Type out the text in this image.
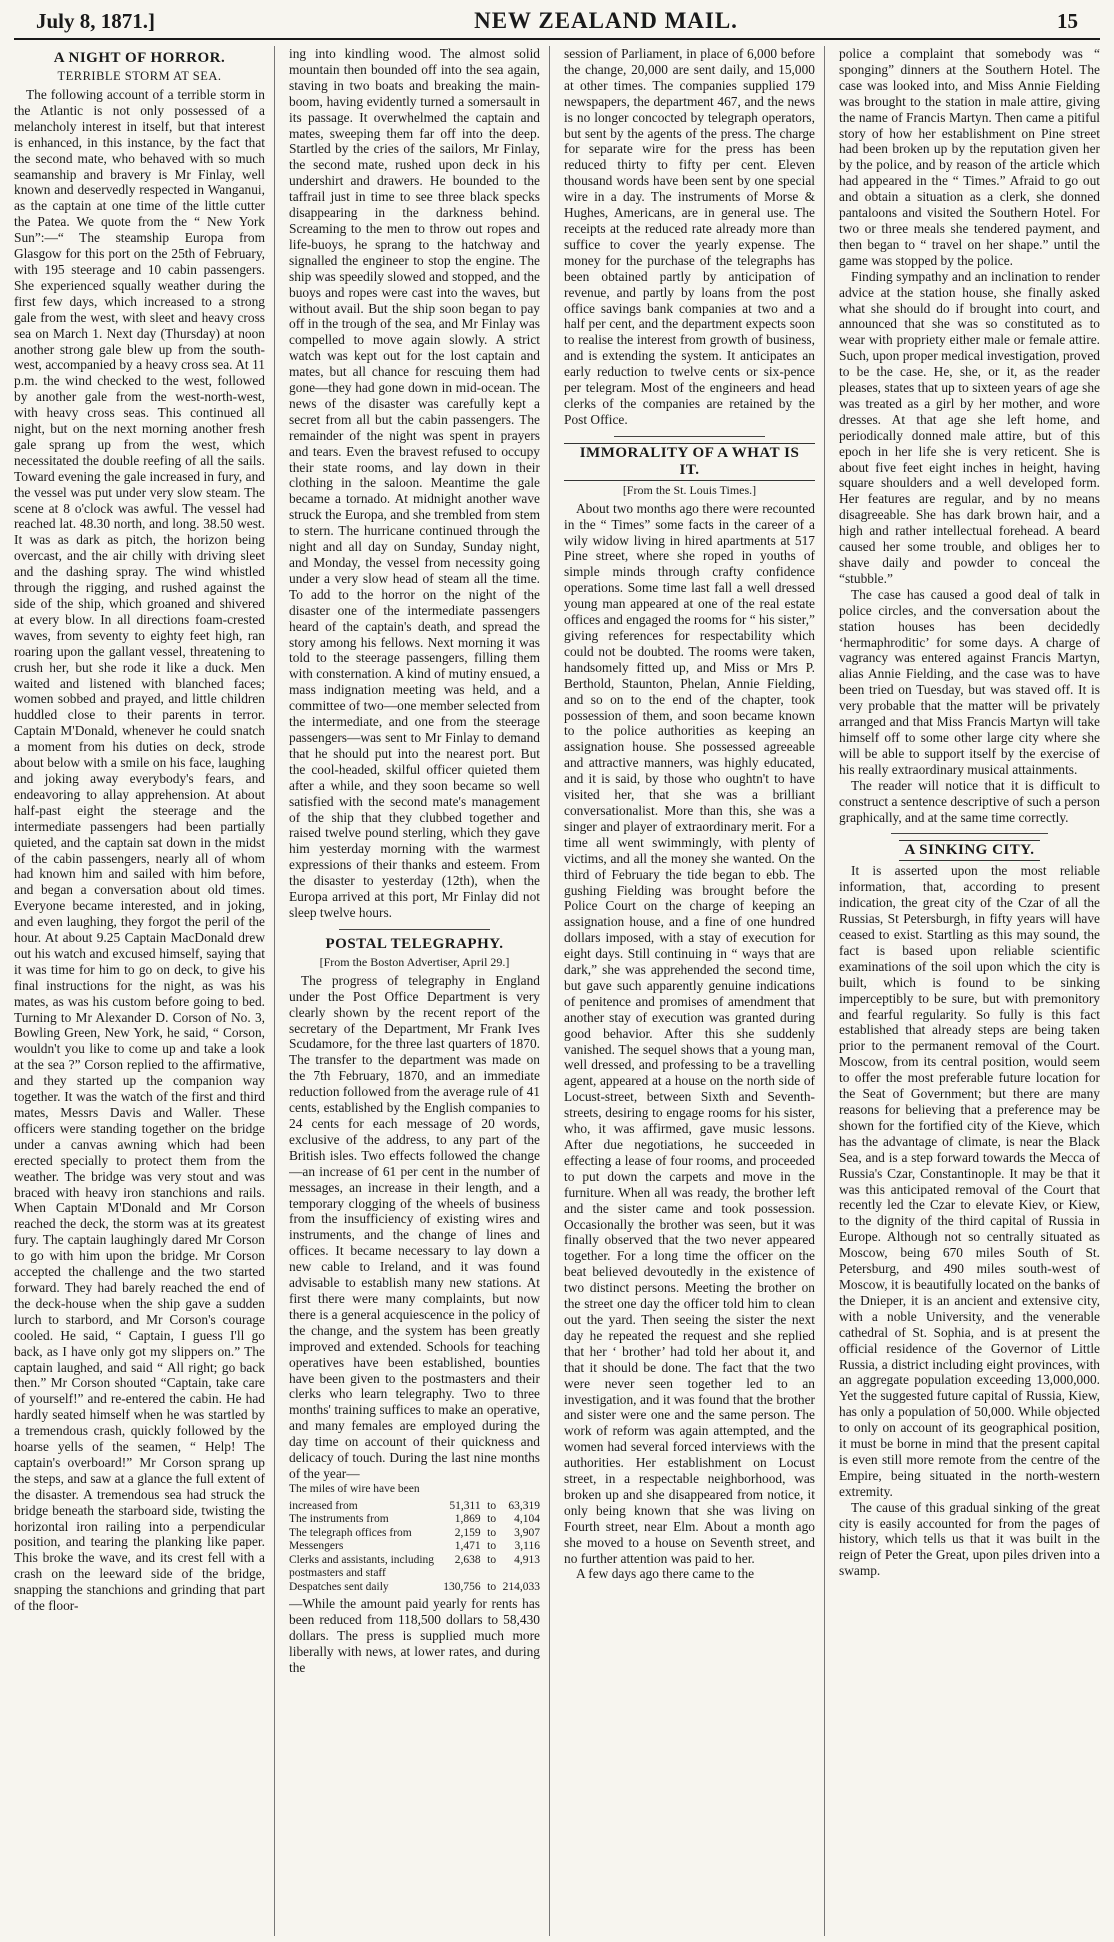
July 8, 1871.]	NEW ZEALAND MAIL.	15
A NIGHT OF HORROR.
TERRIBLE STORM AT SEA.

The following account of a terrible storm in the Atlantic is not only possessed of a melancholy interest in itself, but that interest is enhanced, in this instance, by the fact that the second mate, who behaved with so much seamanship and bravery is Mr Finlay, well known and deservedly respected in Wanganui, as the captain at one time of the little cutter the Patea. We quote from the “ New York Sun”:—“ The steamship Europa from Glasgow for this port on the 25th of February, with 195 steerage and 10 cabin passengers. She experienced squally weather during the first few days, which increased to a strong gale from the west, with sleet and heavy cross sea on March 1. Next day (Thursday) at noon another strong gale blew up from the south-west, accompanied by a heavy cross sea. At 11 p.m. the wind checked to the west, followed by another gale from the west-north-west, with heavy cross seas. This continued all night, but on the next morning another fresh gale sprang up from the west, which necessitated the double reefing of all the sails. Toward evening the gale increased in fury, and the vessel was put under very slow steam. The scene at 8 o'clock was awful. The vessel had reached lat. 48.30 north, and long. 38.50 west. It was as dark as pitch, the horizon being overcast, and the air chilly with driving sleet and the dashing spray. The wind whistled through the rigging, and rushed against the side of the ship, which groaned and shivered at every blow. In all directions foam-crested waves, from seventy to eighty feet high, ran roaring upon the gallant vessel, threatening to crush her, but she rode it like a duck. Men waited and listened with blanched faces; women sobbed and prayed, and little children huddled close to their parents in terror. Captain M'Donald, whenever he could snatch a moment from his duties on deck, strode about below with a smile on his face, laughing and joking away everybody's fears, and endeavoring to allay apprehension. At about half-past eight the steerage and the intermediate passengers had been partially quieted, and the captain sat down in the midst of the cabin passengers, nearly all of whom had known him and sailed with him before, and began a conversation about old times. Everyone became interested, and in joking, and even laughing, they forgot the peril of the hour. At about 9.25 Captain MacDonald drew out his watch and excused himself, saying that it was time for him to go on deck, to give his final instructions for the night, as was his mates, as was his custom before going to bed. Turning to Mr Alexander D. Corson of No. 3, Bowling Green, New York, he said, “ Corson, wouldn't you like to come up and take a look at the sea ?” Corson replied to the affirmative, and they started up the companion way together. It was the watch of the first and third mates, Messrs Davis and Waller. These officers were standing together on the bridge under a canvas awning which had been erected specially to protect them from the weather. The bridge was very stout and was braced with heavy iron stanchions and rails. When Captain M'Donald and Mr Corson reached the deck, the storm was at its greatest fury. The captain laughingly dared Mr Corson to go with him upon the bridge. Mr Corson accepted the challenge and the two started forward. They had barely reached the end of the deck-house when the ship gave a sudden lurch to starbord, and Mr Corson's courage cooled. He said, “ Captain, I guess I'll go back, as I have only got my slippers on.” The captain laughed, and said “ All right; go back then.” Mr Corson shouted “Captain, take care of yourself!” and re-entered the cabin. He had hardly seated himself when he was startled by a tremendous crash, quickly followed by the hoarse yells of the seamen, “ Help! The captain's overboard!” Mr Corson sprang up the steps, and saw at a glance the full extent of the disaster. A tremendous sea had struck the bridge beneath the starboard side, twisting the horizontal iron railing into a perpendicular position, and tearing the planking like paper. This broke the wave, and its crest fell with a crash on the leeward side of the bridge, snapping the stanchions and grinding that part of the floor-

ing into kindling wood. The almost solid mountain then bounded off into the sea again, staving in two boats and breaking the main-boom, having evidently turned a somersault in its passage. It overwhelmed the captain and mates, sweeping them far off into the deep. Startled by the cries of the sailors, Mr Finlay, the second mate, rushed upon deck in his undershirt and drawers. He bounded to the taffrail just in time to see three black specks disappearing in the darkness behind. Screaming to the men to throw out ropes and life-buoys, he sprang to the hatchway and signalled the engineer to stop the engine. The ship was speedily slowed and stopped, and the buoys and ropes were cast into the waves, but without avail. But the ship soon began to pay off in the trough of the sea, and Mr Finlay was compelled to move again slowly. A strict watch was kept out for the lost captain and mates, but all chance for rescuing them had gone—they had gone down in mid-ocean. The news of the disaster was carefully kept a secret from all but the cabin passengers. The remainder of the night was spent in prayers and tears. Even the bravest refused to occupy their state rooms, and lay down in their clothing in the saloon. Meantime the gale became a tornado. At midnight another wave struck the Europa, and she trembled from stem to stern. The hurricane continued through the night and all day on Sunday, Sunday night, and Monday, the vessel from necessity going under a very slow head of steam all the time. To add to the horror on the night of the disaster one of the intermediate passengers heard of the captain's death, and spread the story among his fellows. Next morning it was told to the steerage passengers, filling them with consternation. A kind of mutiny ensued, a mass indignation meeting was held, and a committee of two—one member selected from the intermediate, and one from the steerage passengers—was sent to Mr Finlay to demand that he should put into the nearest port. But the cool-headed, skilful officer quieted them after a while, and they soon became so well satisfied with the second mate's management of the ship that they clubbed together and raised twelve pound sterling, which they gave him yesterday morning with the warmest expressions of their thanks and esteem. From the disaster to yesterday (12th), when the Europa arrived at this port, Mr Finlay did not sleep twelve hours.

POSTAL TELEGRAPHY.
[From the Boston Advertiser, April 29.]

The progress of telegraphy in England under the Post Office Department is very clearly shown by the recent report of the secretary of the Department, Mr Frank Ives Scudamore, for the three last quarters of 1870. The transfer to the department was made on the 7th February, 1870, and an immediate reduction followed from the average rule of 41 cents, established by the English companies to 24 cents for each message of 20 words, exclusive of the address, to any part of the British isles. Two effects followed the change—an increase of 61 per cent in the number of messages, an increase in their length, and a temporary clogging of the wheels of business from the insufficiency of existing wires and instruments, and the change of lines and offices. It became necessary to lay down a new cable to Ireland, and it was found advisable to establish many new stations. At first there were many complaints, but now there is a general acquiescence in the policy of the change, and the system has been greatly improved and extended. Schools for teaching operatives have been established, bounties have been given to the postmasters and their clerks who learn telegraphy. Two to three months' training suffices to make an operative, and many females are employed during the day time on account of their quickness and delicacy of touch. During the last nine months of the year—

The miles of wire have been

increased from	51,311	to	63,319
The instruments from	1,869	to	4,104
The telegraph offices from	2,159	to	3,907
Messengers	1,471	to	3,116
Clerks and assistants, including postmasters and staff	2,638	to	4,913
Despatches sent daily	130,756	to	214,033

—While the amount paid yearly for rents has been reduced from 118,500 dollars to 58,430 dollars. The press is supplied much more liberally with news, at lower rates, and during the

session of Parliament, in place of 6,000 before the change, 20,000 are sent daily, and 15,000 at other times. The companies supplied 179 newspapers, the department 467, and the news is no longer concocted by telegraph operators, but sent by the agents of the press. The charge for separate wire for the press has been reduced thirty to fifty per cent. Eleven thousand words have been sent by one special wire in a day. The instruments of Morse & Hughes, Americans, are in general use. The receipts at the reduced rate already more than suffice to cover the yearly expense. The money for the purchase of the telegraphs has been obtained partly by anticipation of revenue, and partly by loans from the post office savings bank companies at two and a half per cent, and the department expects soon to realise the interest from growth of business, and is extending the system. It anticipates an early reduction to twelve cents or six-pence per telegram. Most of the engineers and head clerks of the companies are retained by the Post Office.

IMMORALITY OF A WHAT IS IT.
[From the St. Louis Times.]

About two months ago there were recounted in the “ Times” some facts in the career of a wily widow living in hired apartments at 517 Pine street, where she roped in youths of simple minds through crafty confidence operations. Some time last fall a well dressed young man appeared at one of the real estate offices and engaged the rooms for “ his sister,” giving references for respectability which could not be doubted. The rooms were taken, handsomely fitted up, and Miss or Mrs P. Berthold, Staunton, Phelan, Annie Fielding, and so on to the end of the chapter, took possession of them, and soon became known to the police authorities as keeping an assignation house. She possessed agreeable and attractive manners, was highly educated, and it is said, by those who oughtn't to have visited her, that she was a brilliant conversationalist. More than this, she was a singer and player of extraordinary merit. For a time all went swimmingly, with plenty of victims, and all the money she wanted. On the third of February the tide began to ebb. The gushing Fielding was brought before the Police Court on the charge of keeping an assignation house, and a fine of one hundred dollars imposed, with a stay of execution for eight days. Still continuing in “ ways that are dark,” she was apprehended the second time, but gave such apparently genuine indications of penitence and promises of amendment that another stay of execution was granted during good behavior. After this she suddenly vanished. The sequel shows that a young man, well dressed, and professing to be a travelling agent, appeared at a house on the north side of Locust-street, between Sixth and Seventh-streets, desiring to engage rooms for his sister, who, it was affirmed, gave music lessons. After due negotiations, he succeeded in effecting a lease of four rooms, and proceeded to put down the carpets and move in the furniture. When all was ready, the brother left and the sister came and took possession. Occasionally the brother was seen, but it was finally observed that the two never appeared together. For a long time the officer on the beat believed devoutedly in the existence of two distinct persons. Meeting the brother on the street one day the officer told him to clean out the yard. Then seeing the sister the next day he repeated the request and she replied that her ‘ brother’ had told her about it, and that it should be done. The fact that the two were never seen together led to an investigation, and it was found that the brother and sister were one and the same person. The work of reform was again attempted, and the women had several forced interviews with the authorities. Her establishment on Locust street, in a respectable neighborhood, was broken up and she disappeared from notice, it only being known that she was living on Fourth street, near Elm. About a month ago she moved to a house on Seventh street, and no further attention was paid to her.

A few days ago there came to the

police a complaint that somebody was “ sponging” dinners at the Southern Hotel. The case was looked into, and Miss Annie Fielding was brought to the station in male attire, giving the name of Francis Martyn. Then came a pitiful story of how her establishment on Pine street had been broken up by the reputation given her by the police, and by reason of the article which had appeared in the “ Times.” Afraid to go out and obtain a situation as a clerk, she donned pantaloons and visited the Southern Hotel. For two or three meals she tendered payment, and then began to “ travel on her shape.” until the game was stopped by the police.

Finding sympathy and an inclination to render advice at the station house, she finally asked what she should do if brought into court, and announced that she was so constituted as to wear with propriety either male or female attire. Such, upon proper medical investigation, proved to be the case. He, she, or it, as the reader pleases, states that up to sixteen years of age she was treated as a girl by her mother, and wore dresses. At that age she left home, and periodically donned male attire, but of this epoch in her life she is very reticent. She is about five feet eight inches in height, having square shoulders and a well developed form. Her features are regular, and by no means disagreeable. She has dark brown hair, and a high and rather intellectual forehead. A beard caused her some trouble, and obliges her to shave daily and powder to conceal the “stubble.”

The case has caused a good deal of talk in police circles, and the conversation about the station houses has been decidedly ‘hermaphroditic’ for some days. A charge of vagrancy was entered against Francis Martyn, alias Annie Fielding, and the case was to have been tried on Tuesday, but was staved off. It is very probable that the matter will be privately arranged and that Miss Francis Martyn will take himself off to some other large city where she will be able to support itself by the exercise of his really extraordinary musical attainments.

The reader will notice that it is difficult to construct a sentence descriptive of such a person graphically, and at the same time correctly.

A SINKING CITY.

It is asserted upon the most reliable information, that, according to present indication, the great city of the Czar of all the Russias, St Petersburgh, in fifty years will have ceased to exist. Startling as this may sound, the fact is based upon reliable scientific examinations of the soil upon which the city is built, which is found to be sinking imperceptibly to be sure, but with premonitory and fearful regularity. So fully is this fact established that already steps are being taken prior to the permanent removal of the Court. Moscow, from its central position, would seem to offer the most preferable future location for the Seat of Government; but there are many reasons for believing that a preference may be shown for the fortified city of the Kieve, which has the advantage of climate, is near the Black Sea, and is a step forward towards the Mecca of Russia's Czar, Constantinople. It may be that it was this anticipated removal of the Court that recently led the Czar to elevate Kiev, or Kiew, to the dignity of the third capital of Russia in Europe. Although not so centrally situated as Moscow, being 670 miles South of St. Petersburg, and 490 miles south-west of Moscow, it is beautifully located on the banks of the Dnieper, it is an ancient and extensive city, with a noble University, and the venerable cathedral of St. Sophia, and is at present the official residence of the Governor of Little Russia, a district including eight provinces, with an aggregate population exceeding 13,000,000. Yet the suggested future capital of Russia, Kiew, has only a population of 50,000. While objected to only on account of its geographical position, it must be borne in mind that the present capital is even still more remote from the centre of the Empire, being situated in the north-western extremity.

The cause of this gradual sinking of the great city is easily accounted for from the pages of history, which tells us that it was built in the reign of Peter the Great, upon piles driven into a swamp.
